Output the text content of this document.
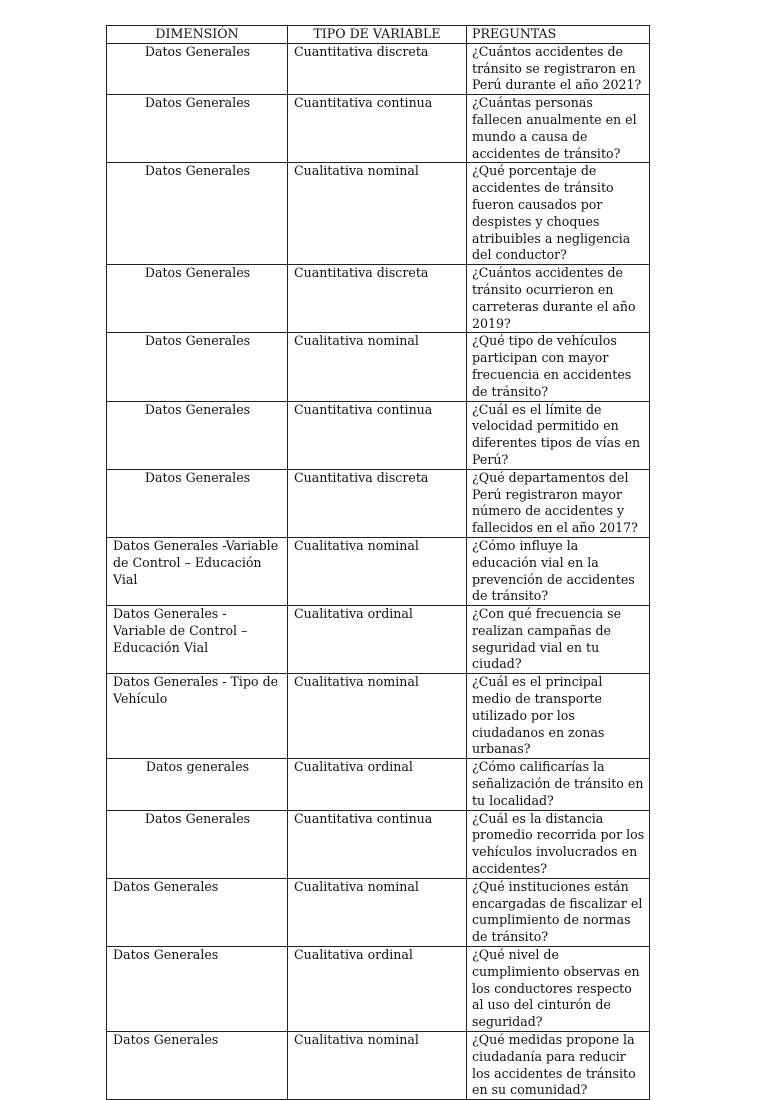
DIMENSIÓN	TIPO DE VARIABLE	PREGUNTAS
Datos Generales	Cuantitativa discreta	¿Cuántos accidentes de tránsito se registraron en Perú durante el año 2021?
Datos Generales	Cuantitativa continua	¿Cuántas personas fallecen anualmente en el mundo a causa de accidentes de tránsito?
Datos Generales	Cualitativa nominal	¿Qué porcentaje de accidentes de tránsito fueron causados por despistes y choques atribuibles a negligencia del conductor?
Datos Generales	Cuantitativa discreta	¿Cuántos accidentes de tránsito ocurrieron en carreteras durante el año 2019?
Datos Generales	Cualitativa nominal	¿Qué tipo de vehículos participan con mayor frecuencia en accidentes de tránsito?
Datos Generales	Cuantitativa continua	¿Cuál es el límite de velocidad permitido en diferentes tipos de vías en Perú?
Datos Generales	Cuantitativa discreta	¿Qué departamentos del Perú registraron mayor número de accidentes y fallecidos en el año 2017?
Datos Generales -Variable de Control – Educación Vial	Cualitativa nominal	¿Cómo influye la educación vial en la prevención de accidentes de tránsito?
Datos Generales - Variable de Control – Educación Vial	Cualitativa ordinal	¿Con qué frecuencia se realizan campañas de seguridad vial en tu ciudad?
Datos Generales - Tipo de Vehículo	Cualitativa nominal	¿Cuál es el principal medio de transporte utilizado por los ciudadanos en zonas urbanas?
Datos generales	Cualitativa ordinal	¿Cómo calificarías la señalización de tránsito en tu localidad?
Datos Generales	Cuantitativa continua	¿Cuál es la distancia promedio recorrida por los vehículos involucrados en accidentes?
Datos Generales	Cualitativa nominal	¿Qué instituciones están encargadas de fiscalizar el cumplimiento de normas de tránsito?
Datos Generales	Cualitativa ordinal	¿Qué nivel de cumplimiento observas en los conductores respecto al uso del cinturón de seguridad?
Datos Generales	Cualitativa nominal	¿Qué medidas propone la ciudadanía para reducir los accidentes de tránsito en su comunidad?
